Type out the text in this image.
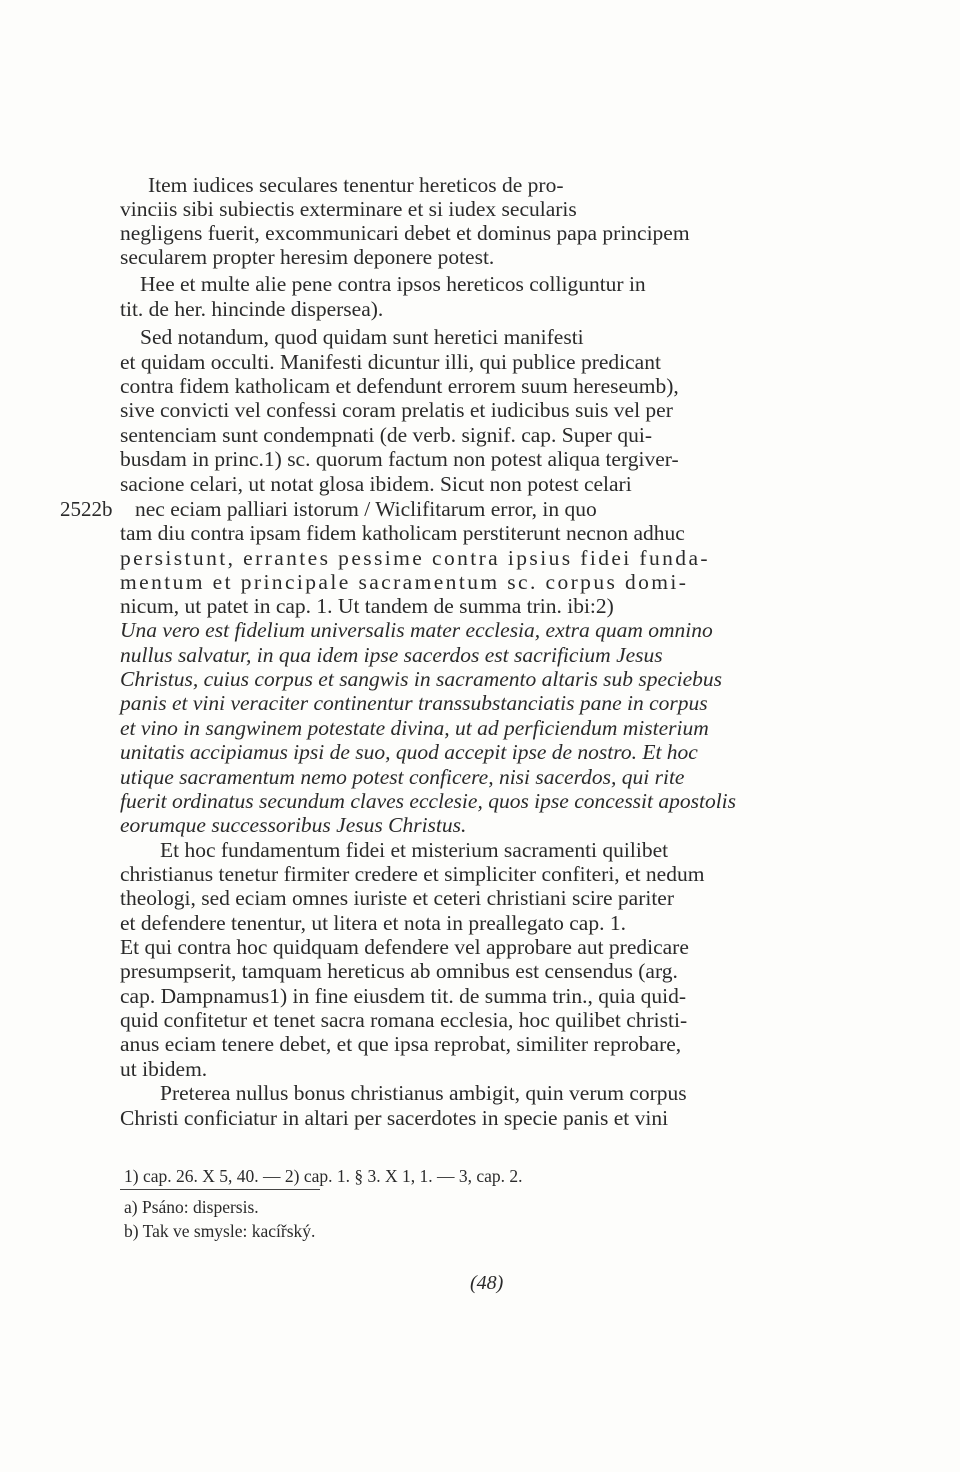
Item iudices seculares tenentur hereticos de pro-
vinciis sibi subiectis exterminare et si iudex secularis
negligens fuerit, excommunicari debet et dominus papa principem
secularem propter heresim deponere potest.
Hee et multe alie pene contra ipsos hereticos colliguntur in
tit. de her. hincinde dispersea).
Sed notandum, quod quidam sunt heretici manifesti
et quidam occulti. Manifesti dicuntur illi, qui publice predicant
contra fidem katholicam et defendunt errorem suum hereseumb),
sive convicti vel confessi coram prelatis et iudicibus suis vel per
sentenciam sunt condempnati (de verb. signif. cap. Super qui-
busdam in princ.1) sc. quorum factum non potest aliqua tergiver-
sacione celari, ut notat glosa ibidem. Sicut non potest celari
nec eciam palliari istorum / Wiclifitarum error, in quo
tam diu contra ipsam fidem katholicam perstiterunt necnon adhuc
persistunt, errantes pessime contra ipsius fidei funda-
mentum et principale sacramentum sc. corpus domi-
nicum, ut patet in cap. 1. Ut tandem de summa trin. ibi:2)
Una vero est fidelium universalis mater ecclesia, extra quam omnino
nullus salvatur, in qua idem ipse sacerdos est sacrificium Jesus
Christus, cuius corpus et sangwis in sacramento altaris sub speciebus
panis et vini veraciter continentur transsubstanciatis pane in corpus
et vino in sangwinem potestate divina, ut ad perficiendum misterium
unitatis accipiamus ipsi de suo, quod accepit ipse de nostro. Et hoc
utique sacramentum nemo potest conficere, nisi sacerdos, qui rite
fuerit ordinatus secundum claves ecclesie, quos ipse concessit apostolis
eorumque successoribus Jesus Christus.
Et hoc fundamentum fidei et misterium sacramenti quilibet
christianus tenetur firmiter credere et simpliciter confiteri, et nedum
theologi, sed eciam omnes iuriste et ceteri christiani scire pariter
et defendere tenentur, ut litera et nota in preallegato cap. 1.
Et qui contra hoc quidquam defendere vel approbare aut predicare
presumpserit, tamquam hereticus ab omnibus est censendus (arg.
cap. Dampnamus1) in fine eiusdem tit. de summa trin., quia quid-
quid confitetur et tenet sacra romana ecclesia, hoc quilibet christi-
anus eciam tenere debet, et que ipsa reprobat, similiter reprobare,
ut ibidem.
Preterea nullus bonus christianus ambigit, quin verum corpus
Christi conficiatur in altari per sacerdotes in specie panis et vini
2522b
1) cap. 26. X 5, 40. — 2) cap. 1. § 3. X 1, 1. — 3, cap. 2.
a) Psáno: dispersis.
b) Tak ve smysle: kacířský.
(48)
